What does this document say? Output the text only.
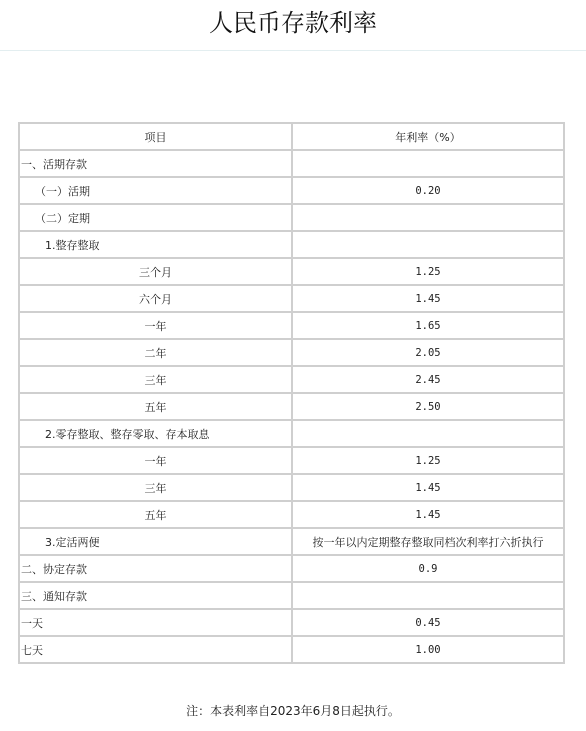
人民币存款利率
项目	年利率（%）
一、活期存款	
（一）活期	0.20
（二）定期	
1.整存整取	
三个月	1.25
六个月	1.45
一年	1.65
二年	2.05
三年	2.45
五年	2.50
2.零存整取、整存零取、存本取息	
一年	1.25
三年	1.45
五年	1.45
3.定活两便	按一年以内定期整存整取同档次利率打六折执行
二、协定存款	0.9
三、通知存款	
一天	0.45
七天	1.00
注：本表利率自2023年6月8日起执行。
